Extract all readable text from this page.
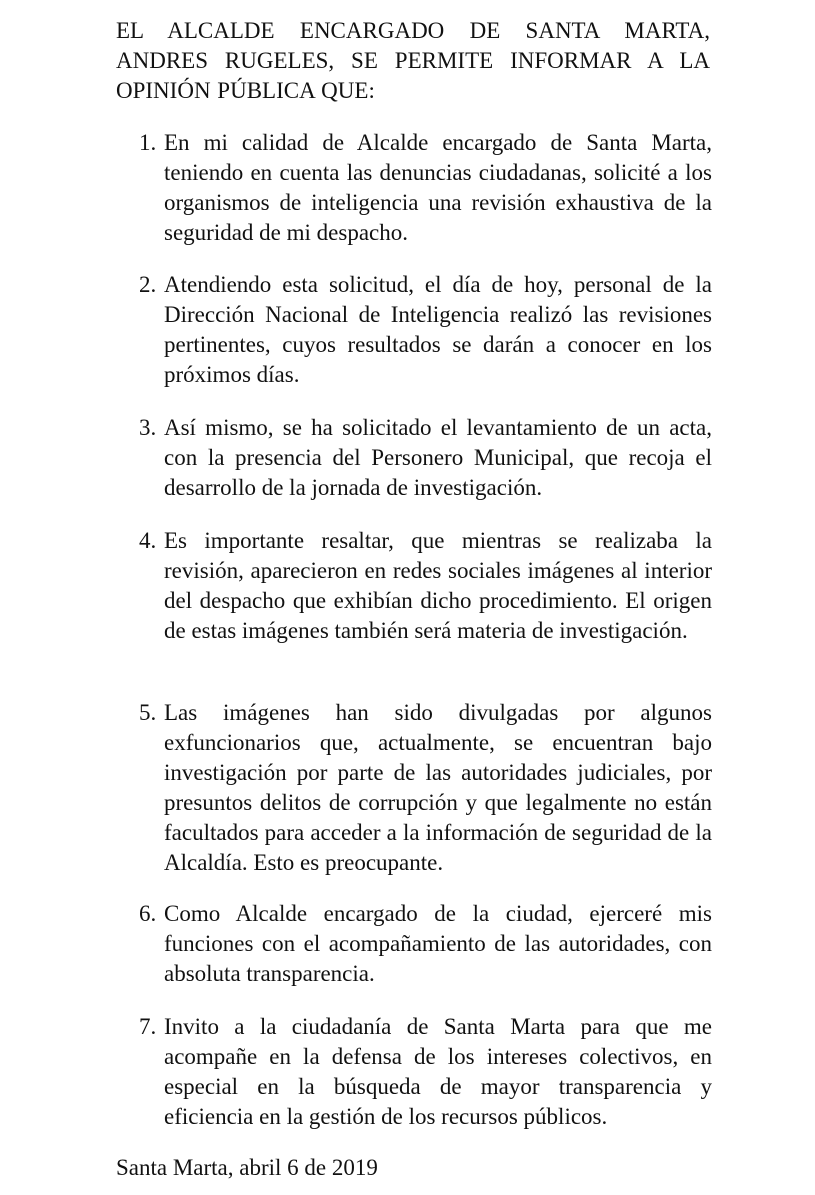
EL ALCALDE ENCARGADO DE SANTA MARTA,
ANDRES RUGELES, SE PERMITE INFORMAR A LA
OPINIÓN PÚBLICA QUE:
1. En mi calidad de Alcalde encargado de Santa Marta, teniendo en cuenta las denuncias ciudadanas, solicité a los organismos de inteligencia una revisión exhaustiva de la seguridad de mi despacho.
2. Atendiendo esta solicitud, el día de hoy, personal de la Dirección Nacional de Inteligencia realizó las revisiones pertinentes, cuyos resultados se darán a conocer en los próximos días.
3. Así mismo, se ha solicitado el levantamiento de un acta, con la presencia del Personero Municipal, que recoja el desarrollo de la jornada de investigación.
4. Es importante resaltar, que mientras se realizaba la revisión, aparecieron en redes sociales imágenes al interior del despacho que exhibían dicho procedimiento. El origen de estas imágenes también será materia de investigación.
5. Las imágenes han sido divulgadas por algunos exfuncionarios que, actualmente, se encuentran bajo investigación por parte de las autoridades judiciales, por presuntos delitos de corrupción y que legalmente no están facultados para acceder a la información de seguridad de la Alcaldía. Esto es preocupante.
6. Como Alcalde encargado de la ciudad, ejerceré mis funciones con el acompañamiento de las autoridades, con absoluta transparencia.
7. Invito a la ciudadanía de Santa Marta para que me acompañe en la defensa de los intereses colectivos, en especial en la búsqueda de mayor transparencia y eficiencia en la gestión de los recursos públicos.
Santa Marta, abril 6 de 2019
